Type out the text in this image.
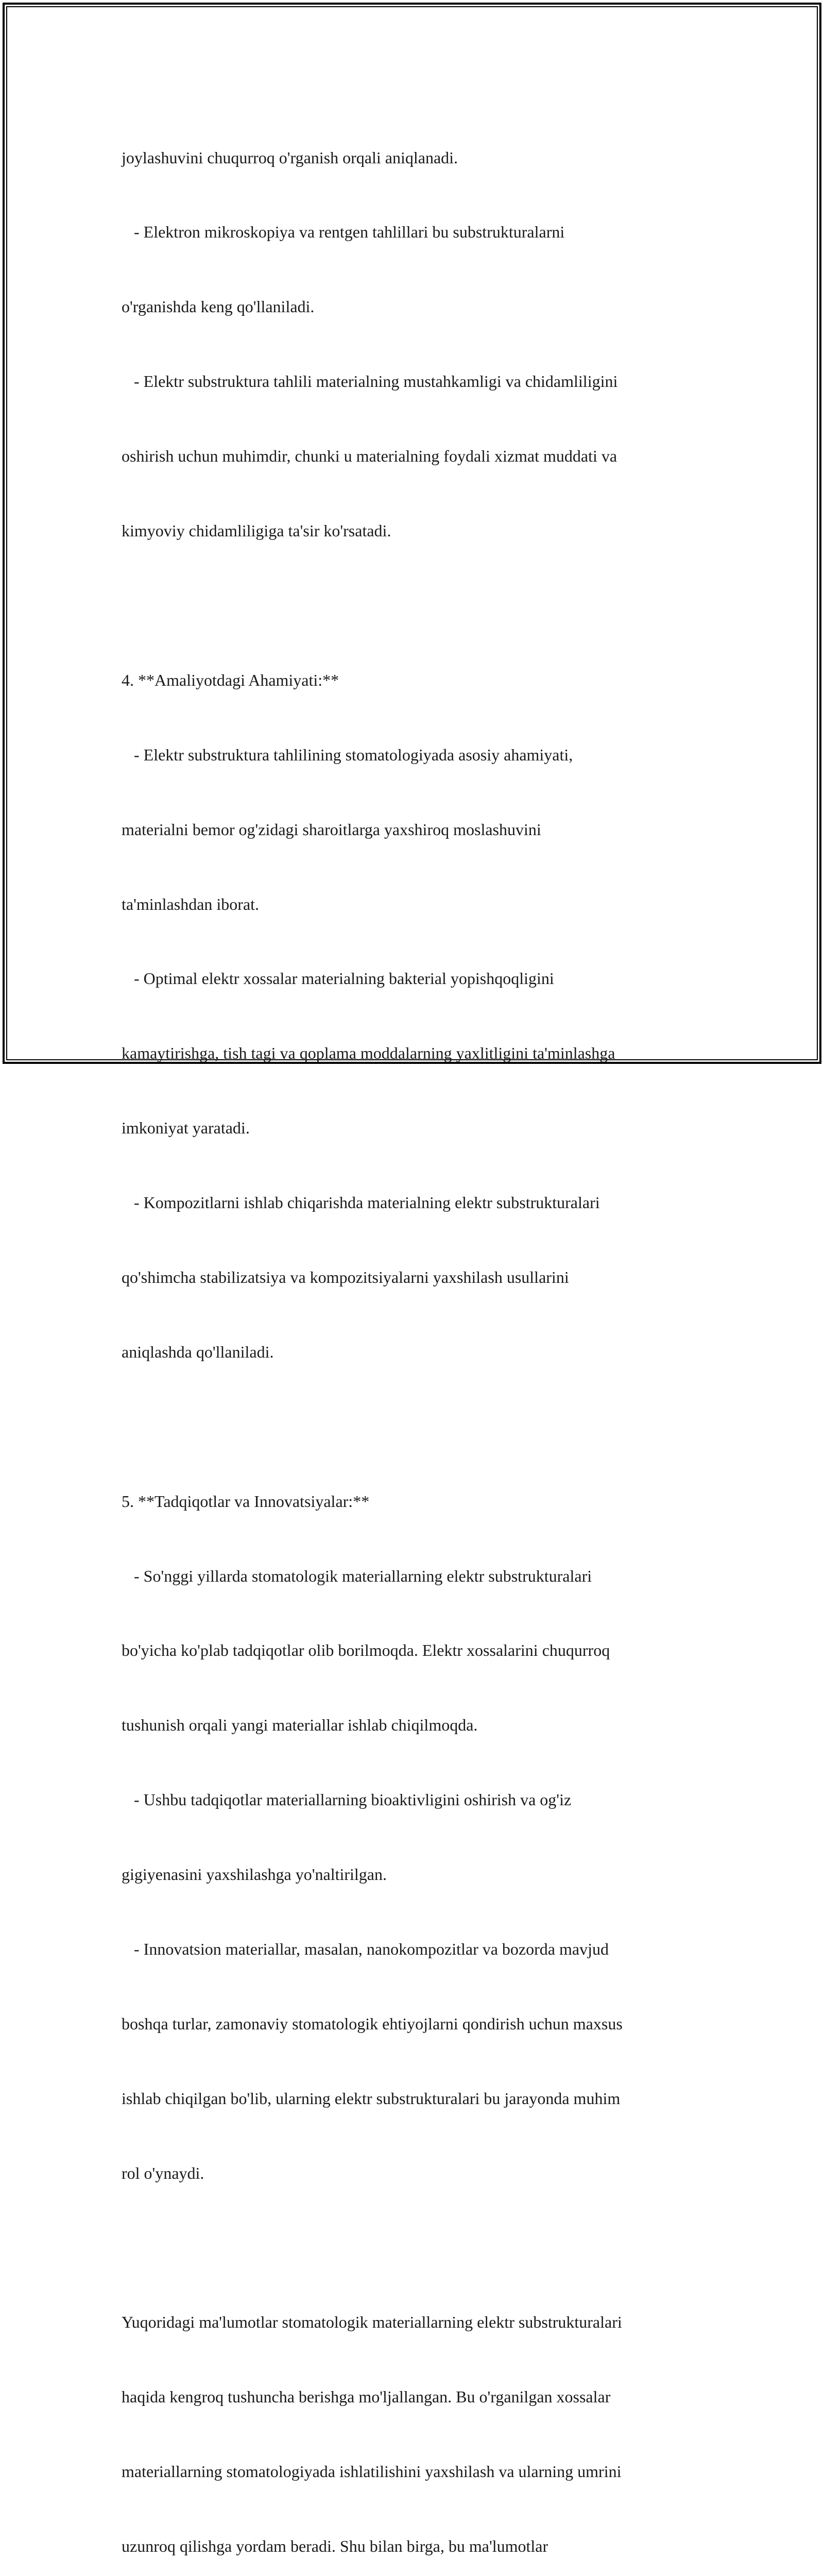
joylashuvini chuqurroq o'rganish orqali aniqlanadi.

- Elektron mikroskopiya va rentgen tahlillari bu substrukturalarni

o'rganishda keng qo'llaniladi.

- Elektr substruktura tahlili materialning mustahkamligi va chidamliligini

oshirish uchun muhimdir, chunki u materialning foydali xizmat muddati va

kimyoviy chidamliligiga ta'sir ko'rsatadi.

4. **Amaliyotdagi Ahamiyati:**

- Elektr substruktura tahlilining stomatologiyada asosiy ahamiyati,

materialni bemor og'zidagi sharoitlarga yaxshiroq moslashuvini

ta'minlashdan iborat.

- Optimal elektr xossalar materialning bakterial yopishqoqligini

kamaytirishga, tish tagi va qoplama moddalarning yaxlitligini ta'minlashga

imkoniyat yaratadi.

- Kompozitlarni ishlab chiqarishda materialning elektr substrukturalari

qo'shimcha stabilizatsiya va kompozitsiyalarni yaxshilash usullarini

aniqlashda qo'llaniladi.

5. **Tadqiqotlar va Innovatsiyalar:**

- So'nggi yillarda stomatologik materiallarning elektr substrukturalari

bo'yicha ko'plab tadqiqotlar olib borilmoqda. Elektr xossalarini chuqurroq

tushunish orqali yangi materiallar ishlab chiqilmoqda.

- Ushbu tadqiqotlar materiallarning bioaktivligini oshirish va og'iz

gigiyenasini yaxshilashga yo'naltirilgan.

- Innovatsion materiallar, masalan, nanokompozitlar va bozorda mavjud

boshqa turlar, zamonaviy stomatologik ehtiyojlarni qondirish uchun maxsus

ishlab chiqilgan bo'lib, ularning elektr substrukturalari bu jarayonda muhim

rol o'ynaydi.

Yuqoridagi ma'lumotlar stomatologik materiallarning elektr substrukturalari

haqida kengroq tushuncha berishga mo'ljallangan. Bu o'rganilgan xossalar

materiallarning stomatologiyada ishlatilishini yaxshilash va ularning umrini

uzunroq qilishga yordam beradi. Shu bilan birga, bu ma'lumotlar
